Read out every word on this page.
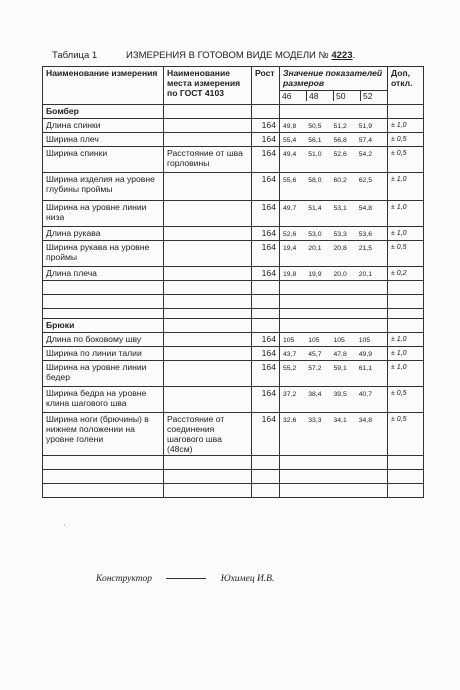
Таблица 1	ИЗМЕРЕНИЯ В ГОТОВОМ ВИДЕ МОДЕЛИ № 4223.
Наименование измерения	Наименование места измерения по ГОСТ 4103	Рост	Значение показателей размеров	Доп, откл.

			46 48 50 52	

Бомбер				
Длина спинки		164	49,8 50,5 51,2 51,9	± 1,0
Ширина плеч		164	55,4 56,1 56,8 57,4	± 0,5
Ширина спинки	Расстояние от шва горловины	164	49,4 51,0 52,6 54,2	± 0,5
Ширина изделия на уровне глубины проймы		164	55,6 58,0 60,2 62,5	± 1,0
Ширина на уровне линии низа		164	49,7 51,4 53,1 54,8	± 1,0
Длина рукава		164	52,6 53,0 53,3 53,6	± 1,0
Ширина рукава на уровне проймы		164	19,4 20,1 20,8 21,5	± 0,5
Длина плеча		164	19,8 19,9 20,0 20,1	± 0,2

Брюки				
Длина по боковому шву		164	105 105 105 105	± 1,0
Ширина по линии талии		164	43,7 45,7 47,8 49,9	± 1,0
Ширина на уровне линии бедер		164	55,2 57,2 59,1 61,1	± 1,0
Ширина бедра на уровне клина шагового шва		164	37,2 38,4 39,5 40,7	± 0,5
Ширина ноги (брючины) в нижнем положении на уровне голени	Расстояние от соединения шагового шва (48см)	164	32,6 33,3 34,1 34,8	± 0,5

·
Конструктор	Юхимец И.В.
